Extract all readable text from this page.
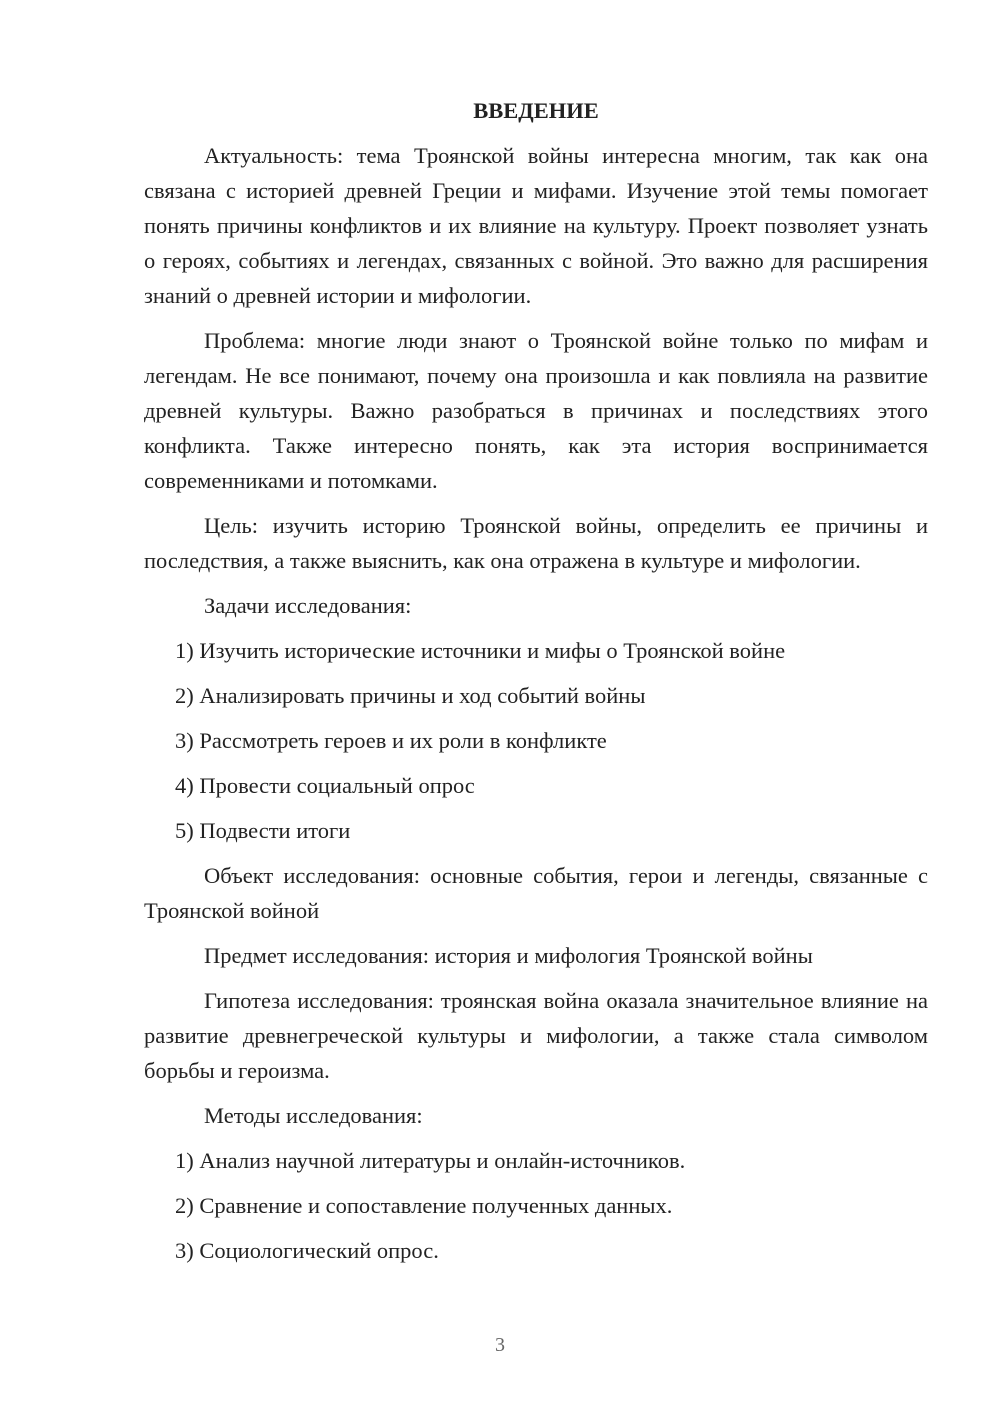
ВВЕДЕНИЕ

Актуальность: тема Троянской войны интересна многим, так как она связана с историей древней Греции и мифами. Изучение этой темы помогает понять причины конфликтов и их влияние на культуру. Проект позволяет узнать о героях, событиях и легендах, связанных с войной. Это важно для расширения знаний о древней истории и мифологии.

Проблема: многие люди знают о Троянской войне только по мифам и легендам. Не все понимают, почему она произошла и как повлияла на развитие древней культуры. Важно разобраться в причинах и последствиях этого конфликта. Также интересно понять, как эта история воспринимается современниками и потомками.

Цель: изучить историю Троянской войны, определить ее причины и последствия, а также выяснить, как она отражена в культуре и мифологии.

Задачи исследования:

1) Изучить исторические источники и мифы о Троянской войне
2) Анализировать причины и ход событий войны
3) Рассмотреть героев и их роли в конфликте
4) Провести социальный опрос
5) Подвести итоги

Объект исследования: основные события, герои и легенды, связанные с Троянской войной

Предмет исследования: история и мифология Троянской войны

Гипотеза исследования: троянская война оказала значительное влияние на развитие древнегреческой культуры и мифологии, а также стала символом борьбы и героизма.

Методы исследования:

1) Анализ научной литературы и онлайн-источников.
2) Сравнение и сопоставление полученных данных.
3) Социологический опрос.
3
